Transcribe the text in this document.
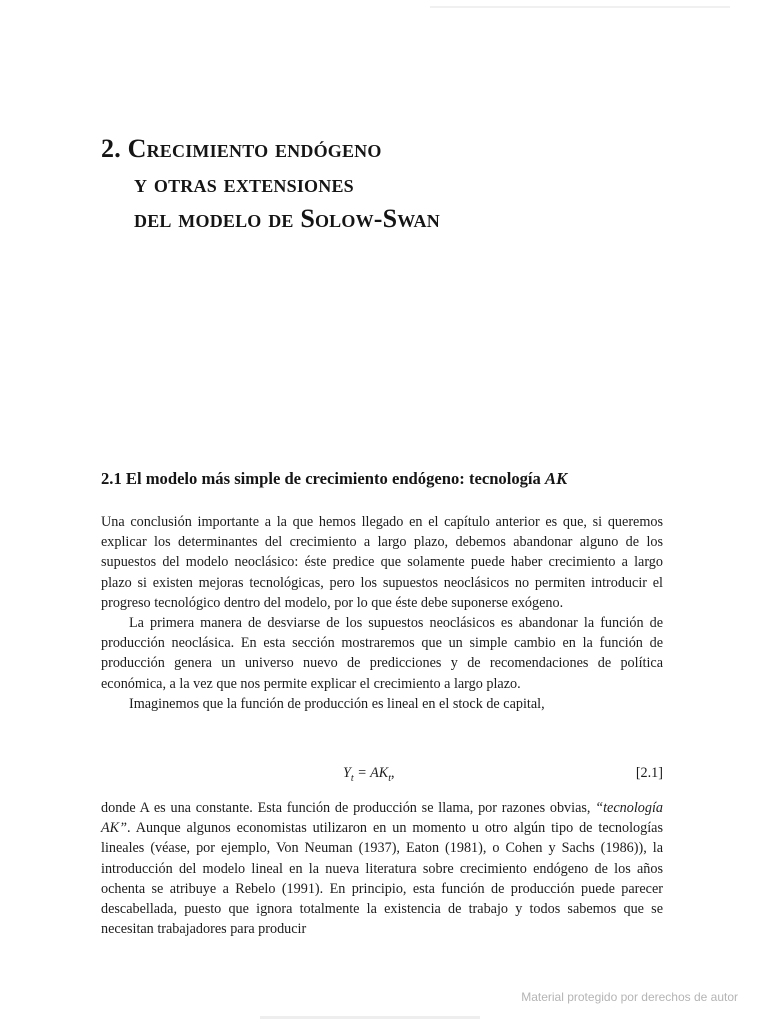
2. Crecimiento endógeno
y otras extensiones
del modelo de Solow-Swan
2.1 El modelo más simple de crecimiento endógeno: tecnología AK

Una conclusión importante a la que hemos llegado en el capítulo anterior es que, si queremos explicar los determinantes del crecimiento a largo plazo, debemos abandonar alguno de los supuestos del modelo neoclásico: éste predice que solamente puede haber crecimiento a largo plazo si existen mejoras tecnológicas, pero los supuestos neoclásicos no permiten introducir el progreso tecnológico dentro del modelo, por lo que éste debe suponerse exógeno.

La primera manera de desviarse de los supuestos neoclásicos es abandonar la función de producción neoclásica. En esta sección mostraremos que un simple cambio en la función de producción genera un universo nuevo de predicciones y de recomendaciones de política económica, a la vez que nos permite explicar el crecimiento a largo plazo.

Imaginemos que la función de producción es lineal en el stock de capital,

$Y_t = AK_t$,	[2.1]

donde A es una constante. Esta función de producción se llama, por razones obvias, “tecnología AK”. Aunque algunos economistas utilizaron en un momento u otro algún tipo de tecnologías lineales (véase, por ejemplo, Von Neuman (1937), Eaton (1981), o Cohen y Sachs (1986)), la introducción del modelo lineal en la nueva literatura sobre crecimiento endógeno de los años ochenta se atribuye a Rebelo (1991). En principio, esta función de producción puede parecer descabellada, puesto que ignora totalmente la existencia de trabajo y todos sabemos que se necesitan trabajadores para producir

Material protegido por derechos de autor
